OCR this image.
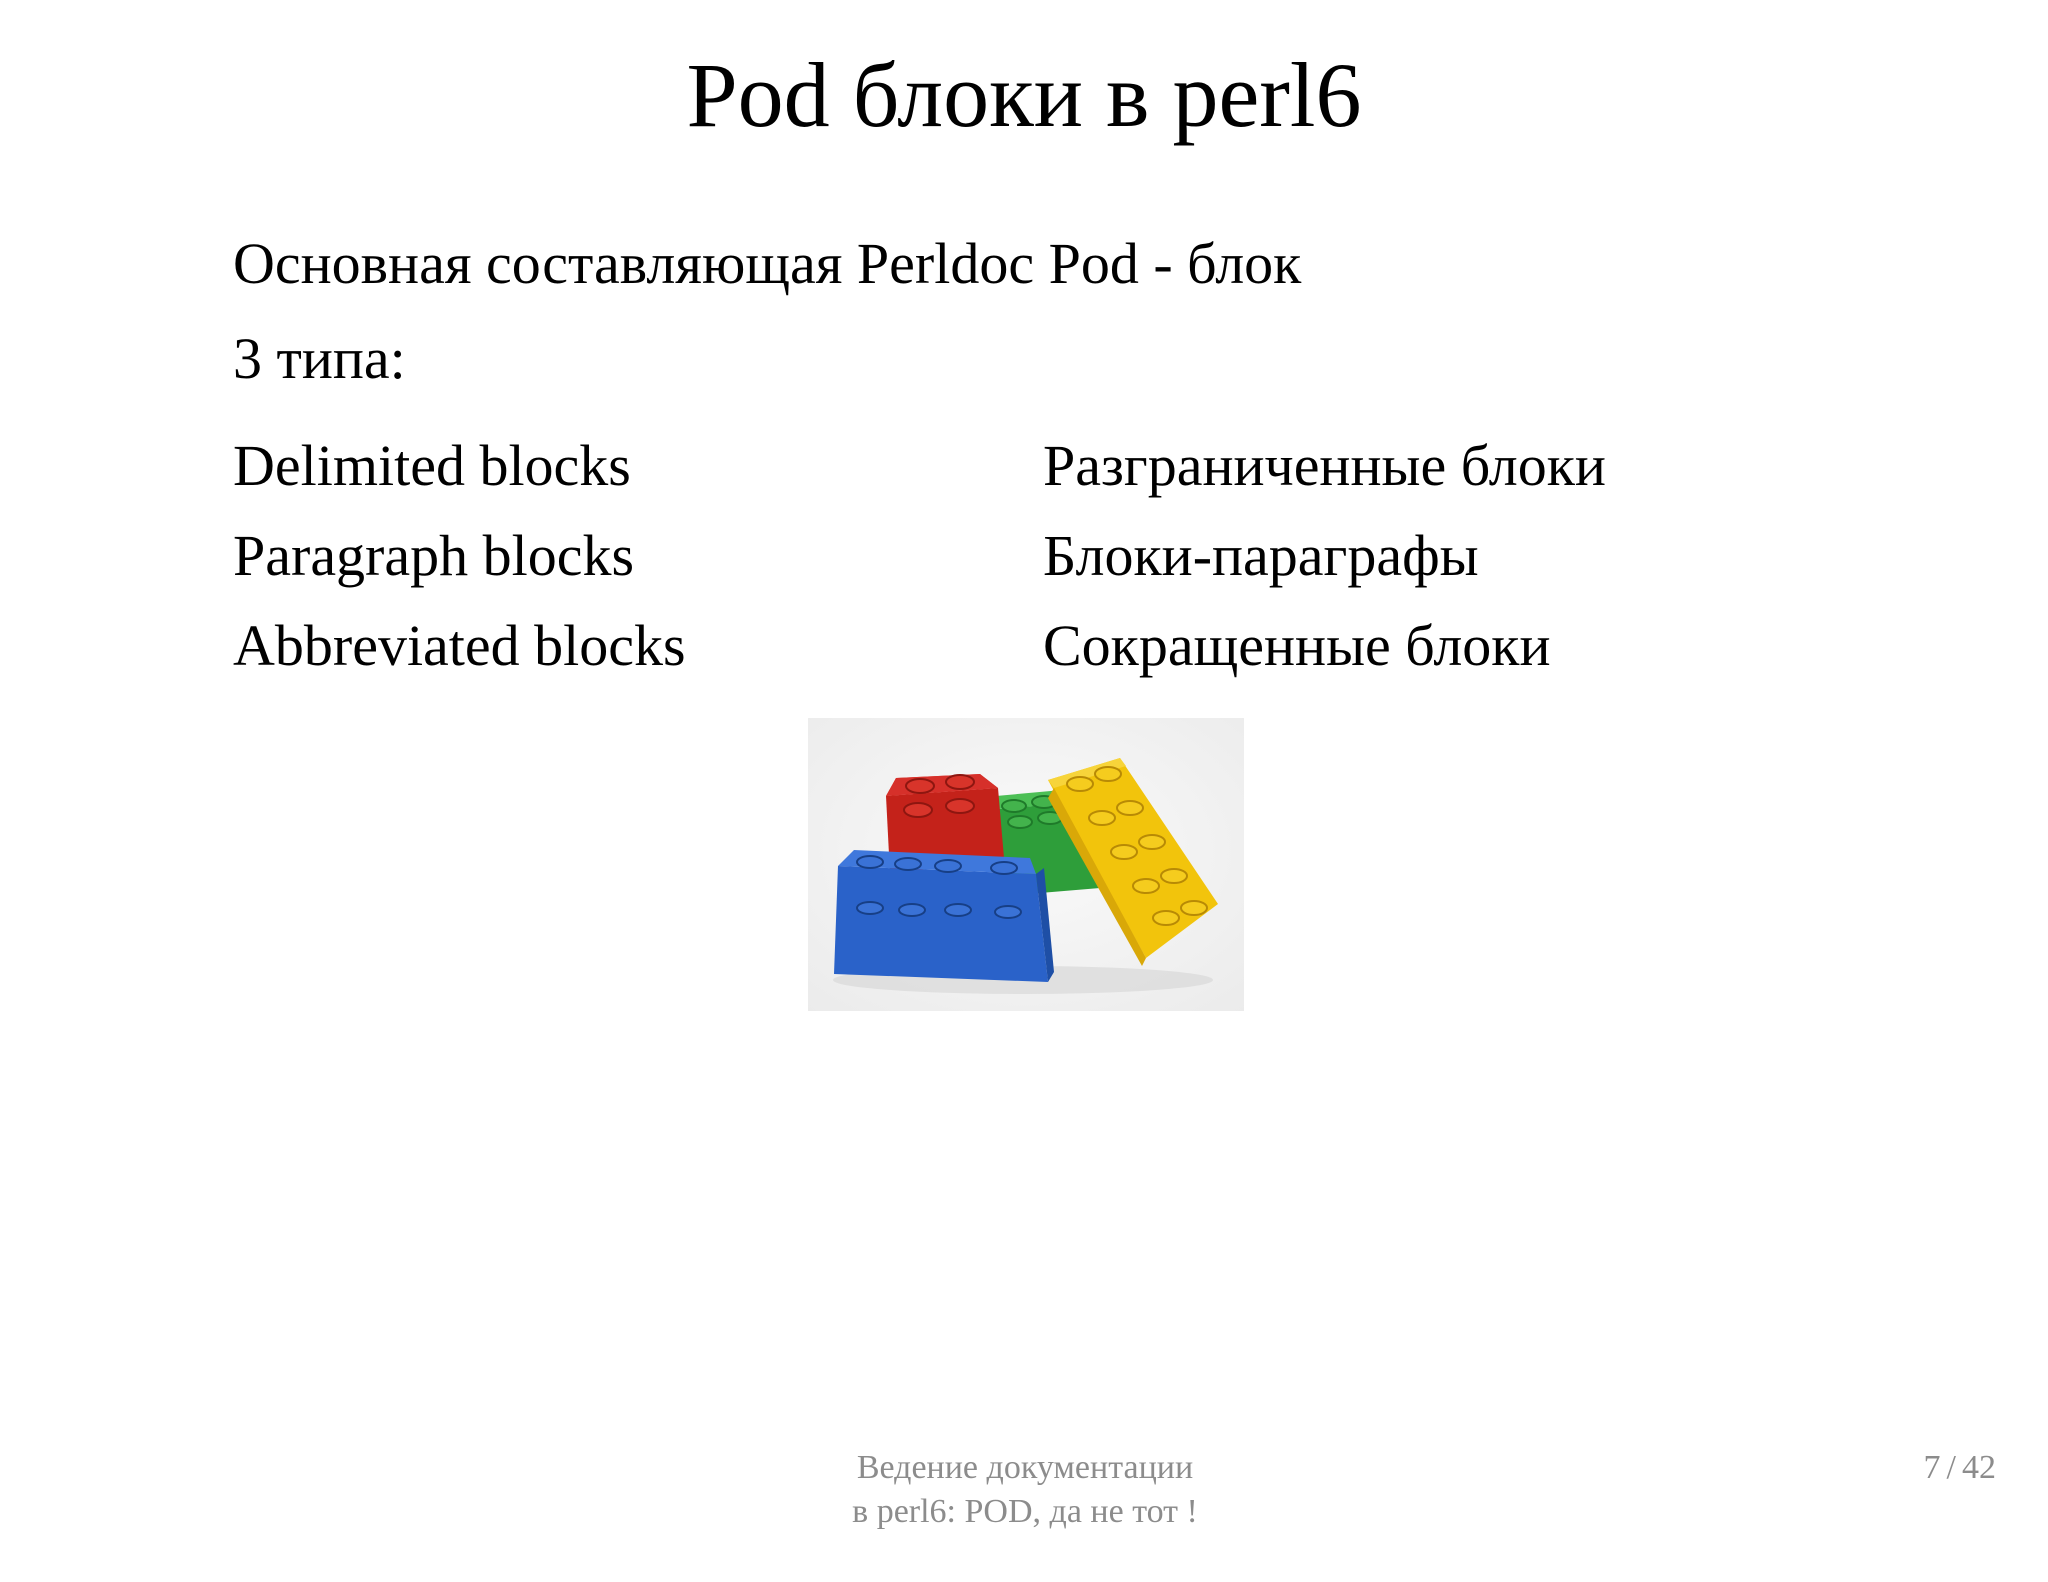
Pod блоки в perl6
Основная составляющая Perldoc Pod - блок
3 типа:
Delimited blocks	Разграниченные блоки
Paragraph blocks	Блоки-параграфы
Abbreviated blocks	Сокращенные блоки
Ведение документации
в perl6: POD, да не тот !
7 / 42
